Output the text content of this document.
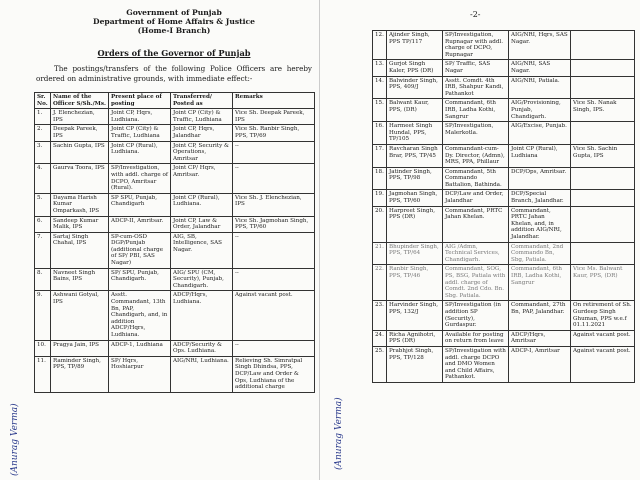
Government of Punjab
Department of Home Affairs & Justice
(Home-I Branch)
Orders of the Governor of Punjab
The postings/transfers of the following Police Officers are hereby ordered on administrative grounds, with immediate effect:-
Sr. No.	Name of the Officer S/Sh./Ms.	Present place of posting	Transferred/ Posted as	Remarks
1.	J. Elenchezian, IPS	Joint CP, Hqrs, Ludhiana.	Joint CP (City) & Traffic, Ludhiana	Vice Sh. Deepak Pareek, IPS
2.	Deepak Pareek, IPS	Joint CP (City) & Traffic, Ludhiana	Joint CP, Hqrs, Jalandhar	Vice Sh. Ranbir Singh, PPS, TP/69
3.	Sachin Gupta, IPS	Joint CP (Rural), Ludhiana.	Joint CP, Security & Operations, Amritsar	--
4.	Gaurva Toora, IPS	SP/Investigation, with addl. charge of DCPO, Amritsar (Rural).	Joint CP/ Hqrs, Amritsar.	--
5.	Dayama Harish Kumar Omparkash, IPS	SP SPU, Punjab, Chandigarh	Joint CP (Rural), Ludhiana.	Vice Sh. J. Elenchezian, IPS
6.	Sandeep Kumar Malik, IPS	ADCP-II, Amritsar.	Joint CP, Law & Order, Jalandhar	Vice Sh. Jagmohan Singh, PPS, TP/60
7.	Sartaj Singh Chahal, IPS	SP-cum-OSD DGP/Punjab (additional charge of SP/ PBI, SAS Nagar)	AIG, SB, Intelligence, SAS Nagar.	--
8.	Navneet Singh Bains, IPS	SP/ SPU, Punjab, Chandigarh.	AIG/ SPU (CM, Security), Punjab, Chandigarh.	--
9.	Ashwani Gotyal, IPS	Asstt. Commandant, 13th Bn, PAP, Chandigarh, and, in addition ADCP/Hqrs, Ludhiana.	ADCP/Hqrs, Ludhiana.	Against vacant post.
10.	Pragya Jain, IPS	ADCP-1, Ludhiana	ADCP/Security & Ops. Ludhiana.	--
11.	Raminder Singh, PPS, TP/89	SP/ Hqrs, Hoshiarpur	AIG/NRI, Ludhiana.	Relieving Sh. Simratpal Singh Dhindsa, PPS, DCP/Law and Order & Ops, Ludhiana of the additional charge
(Anurag Verma)
-2-
12.	Ajinder Singh, PPS TP/117	SP/Investigation, Rupnagar with addl. charge of DCPO, Rupnagar	AIG/NRI, Hqrs, SAS Nagar.	
13.	Gurjot Singh Kaler, PPS (DR)	SP/ Traffic, SAS Nagar	AIG/NRI, SAS Nagar.	
14.	Balwinder Singh, PPS, 409/J	Asstt. Comdt. 4th IRB, Shahpur Kandi, Pathankot	AIG/NRI, Patiala.	
15.	Balwant Kaur, PPS, (DR)	Commandant, 6th IRB, Ladha Kothi, Sangrur	AIG/Provisioning, Punjab, Chandigarh.	Vice Sh. Nanak Singh, IPS.
16.	Harmeet Singh Hundal, PPS, TP/105	SP/Investigation, Malerkotla.	AIG/Excise, Punjab.	
17.	Ravcharan Singh Brar, PPS, TP/45	Commandant-cum-Dy. Director, (Admn), MRS, PPA, Phillaur	Joint CP (Rural), Ludhiana	Vice Sh. Sachin Gupta, IPS
18.	Jatinder Singh, PPS, TP/98	Commandant, 5th Commando Battalion, Bathinda.	DCP/Ops, Amritsar.	
19.	Jagmohan Singh, PPS, TP/60	DCP/Law and Order, Jalandhar	DCP/Special Branch, Jalandhar.	
20.	Harpreet Singh, PPS (DR)	Commandant, PRTC Jahan Khelan.	Commandant, PRTC Jahan Khelan, and, in addition AIG/NRI, Jalandhar.	
21.	Bhupinder Singh, PPS, TP/64	AIG /Admn, Technical Services, Chandigarh.	Commandant, 2nd Commando Bn, Sbg, Patiala.	
22.	Ranbir Singh, PPS, TP/46	Commandant, SOG, PS, BSG, Patiala with addl. charge of Comdt. 2nd Cdo. Bn. Sbg. Patiala.	Commandant, 6th IRB, Ladha Kothi, Sangrur	Vice Ms. Balwant Kaur, PPS, (DR)
23.	Harvinder Singh, PPS, 132/J	SP/Investigation (in addition SP (Security), Gurdaspur.	Commandant, 27th Bn, PAP, Jalandhar.	On retirement of Sh. Gurdeep Singh Ghuman, PPS w.e.f 01.11.2021
24.	Richa Agnihotri, PPS (DR)	Available for posting on return from leave	ADCP/Hqrs, Amritsar	Against vacant post.
25.	Prabhjot Singh, PPS, TP/128	SP/Investigation with addl. charge DCPO and DMO Women and Child Affairs, Pathankot.	ADCP-I, Amritsar	Against vacant post.
(Anurag Verma)
